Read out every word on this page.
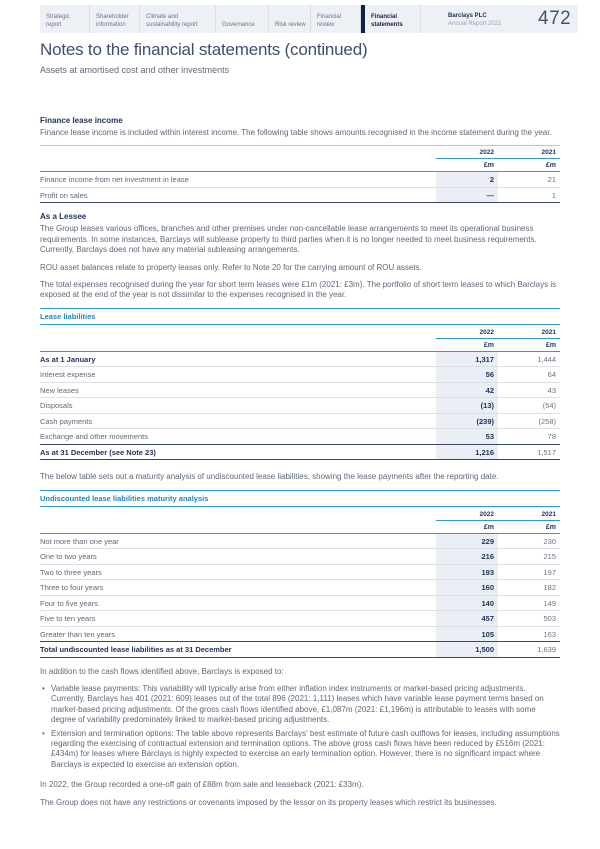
Strategic report
Shareholder information
Climate and sustainability report	Governance	Risk review
Financial review
Financial statements
Barclays PLC
Annual Report 2022	472
Notes to the financial statements (continued)
Assets at amortised cost and other investments
Finance lease income

Finance lease income is included within interest income. The following table shows amounts recognised in the income statement during the year.

2022	2021
£m	£m
Finance income from net investment in lease	2	21
Profit on sales	—	1
As a Lessee

The Group leases various offices, branches and other premises under non-cancellable lease arrangements to meet its operational business requirements. In some instances, Barclays will sublease property to third parties when it is no longer needed to meet business requirements. Currently, Barclays does not have any material subleasing arrangements.

ROU asset balances relate to property leases only. Refer to Note 20 for the carrying amount of ROU assets.

The total expenses recognised during the year for short term leases were £1m (2021: £3m). The portfolio of short term leases to which Barclays is exposed at the end of the year is not dissimilar to the expenses recognised in the year.

Lease liabilities
2022	2021
£m	£m
As at 1 January	1,317	1,444
Interest expense	56	64
New leases	42	43
Disposals	(13)	(54)
Cash payments	(239)	(258)
Exchange and other movements	53	78
As at 31 December (see Note 23)	1,216	1,517

The below table sets out a maturity analysis of undiscounted lease liabilities, showing the lease payments after the reporting date.

Undiscounted lease liabilities maturity analysis
2022	2021
£m	£m
Not more than one year	229	230
One to two years	216	215
Two to three years	193	197
Three to four years	160	182
Four to five years	140	149
Five to ten years	457	503
Greater than ten years	105	163
Total undiscounted lease liabilities as at 31 December	1,500	1,639

In addition to the cash flows identified above, Barclays is exposed to:

•
Variable lease payments: This variability will typically arise from either inflation index instruments or market-based pricing adjustments. Currently, Barclays has 401 (2021: 609) leases out of the total 896 (2021: 1,111) leases which have variable lease payment terms based on market-based pricing adjustments. Of the gross cash flows identified above, £1,087m (2021: £1,196m) is attributable to leases with some degree of variability predominately linked to market-based pricing adjustments.
•
Extension and termination options: The table above represents Barclays' best estimate of future cash outflows for leases, including assumptions regarding the exercising of contractual extension and termination options. The above gross cash flows have been reduced by £516m (2021: £434m) for leases where Barclays is highly expected to exercise an early termination option. However, there is no significant impact where Barclays is expected to exercise an extension option.

In 2022, the Group recorded a one-off gain of £88m from sale and leaseback (2021: £33m).

The Group does not have any restrictions or covenants imposed by the lessor on its property leases which restrict its businesses.
